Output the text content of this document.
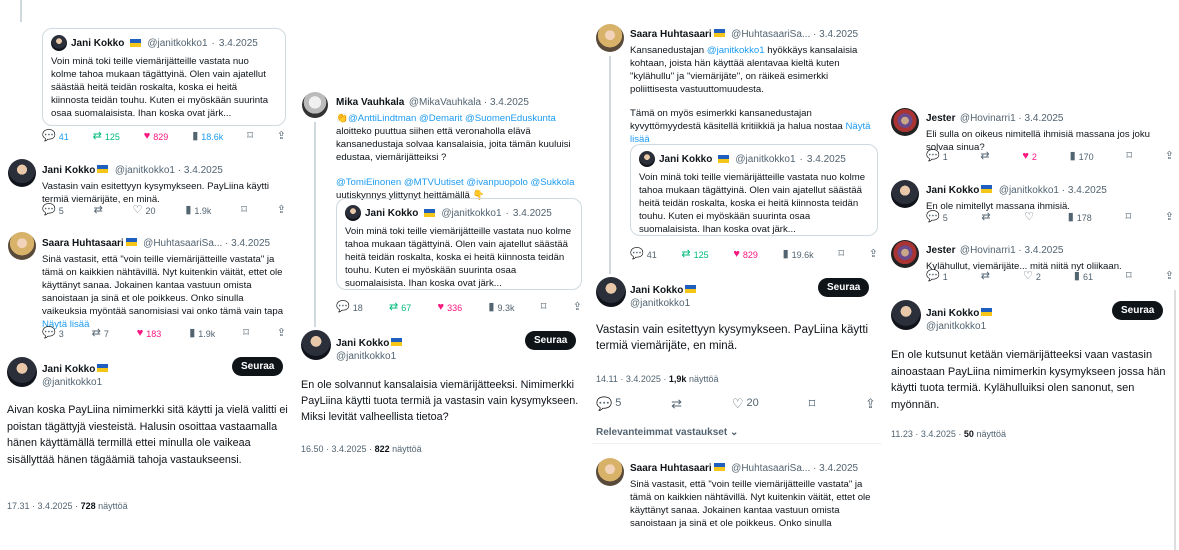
Jani Kokko @janitkokko1 · 3.4.2025
Voin minä toki teille viemärijätteille vastata nuo kolme tahoa mukaan tägättyinä. Olen vain ajatellut säästää heitä teidän roskalta, koska ei heitä kiinnosta teidän touhu. Kuten ei myöskään suurinta osaa suomalaisista. Ihan koska ovat järk...
💬 41 ⇄ 125 ♥ 829 ▮ 18.6k ⌑ ⇪
Jani Kokko @janitkokko1 · 3.4.2025
Vastasin vain esitettyyn kysymykseen. PayLiina käytti termiä viemärijäte, en minä.
💬 5	⇄	♡ 20	▮ 1.9k	⌑	⇪
Saara Huhtasaari @HuhtasaariSa... · 3.4.2025
Sinä vastasit, että "voin teille viemärijätteille vastata" ja tämä on kaikkien nähtävillä. Nyt kuitenkin väität, ettet ole käyttänyt sanaa. Jokainen kantaa vastuun omista sanoistaan ja sinä et ole poikkeus. Onko sinulla vaikeuksia myöntää sanomisiasi vai onko tämä vain tapa Näytä lisää
💬 3	⇄ 7	♥ 183	▮ 1.9k	⌑	⇪
Jani Kokko
@janitkokko1
Seuraa
Aivan koska PayLiina nimimerkki sitä käytti ja vielä valitti ei poistan tägättyjä viesteistä. Halusin osoittaa vastaamalla hänen käyttämällä termillä ettei minulla ole vaikeaa sisällyttää hänen tägäämiä tahoja vastaukseensi.
17.31 · 3.4.2025 · 728 näyttöä
Mika Vauhkala @MikaVauhkala · 3.4.2025
👏@AnttiLindtman @Demarit @SuomenEduskunta aloitteko puuttua siihen että veronaholla elävä kansanedustaja solvaa kansalaisia, joita tämän kuuluisi edustaa, viemärijätteiksi ?
@TomiEinonen @MTVUutiset @ivanpuopolo @Sukkola uutiskynnys ylittynyt heittämällä 👇
Jani Kokko @janitkokko1 · 3.4.2025
Voin minä toki teille viemärijätteille vastata nuo kolme tahoa mukaan tägättyinä. Olen vain ajatellut säästää heitä teidän roskalta, koska ei heitä kiinnosta teidän touhu. Kuten ei myöskään suurinta osaa suomalaisista. Ihan koska ovat järk...
💬 18 ⇄ 67 ♥ 336 ▮ 9.3k ⌑ ⇪
Jani Kokko
@janitkokko1
Seuraa
En ole solvannut kansalaisia viemärijätteeksi. Nimimerkki PayLiina käytti tuota termiä ja vastasin vain kysymykseen. Miksi levität valheellista tietoa?
16.50 · 3.4.2025 · 822 näyttöä
Saara Huhtasaari @HuhtasaariSa... · 3.4.2025
Kansanedustajan @janitkokko1 hyökkäys kansalaisia kohtaan, joista hän käyttää alentavaa kieltä kuten "kylähullu" ja "viemärijäte", on räikeä esimerkki poliittisesta vastuuttomuudesta.
Tämä on myös esimerkki kansanedustajan kyvyttömyydestä käsitellä kritiikkiä ja halua nostaa Näytä lisää
Jani Kokko @janitkokko1 · 3.4.2025
Voin minä toki teille viemärijätteille vastata nuo kolme tahoa mukaan tägättyinä. Olen vain ajatellut säästää heitä teidän roskalta, koska ei heitä kiinnosta teidän touhu. Kuten ei myöskään suurinta osaa suomalaisista. Ihan koska ovat järk...
💬 41 ⇄ 125 ♥ 829 ▮ 19.6k ⌑ ⇪
Jani Kokko
@janitkokko1
Seuraa
Vastasin vain esitettyyn kysymykseen. PayLiina käytti termiä viemärijäte, en minä.
14.11 · 3.4.2025 · 1,9k näyttöä
💬 5	⇄	♡ 20	⌑	⇪
Relevanteimmat vastaukset ⌄
Saara Huhtasaari @HuhtasaariSa... · 3.4.2025
Sinä vastasit, että "voin teille viemärijätteille vastata" ja tämä on kaikkien nähtävillä. Nyt kuitenkin väität, ettet ole käyttänyt sanaa. Jokainen kantaa vastuun omista sanoistaan ja sinä et ole poikkeus. Onko sinulla
Jester @Hovinarri1 · 3.4.2025
Eli sulla on oikeus nimitellä ihmisiä massana jos joku solvaa sinua?
💬 1	⇄	♥ 2	▮ 170	⌑	⇪
Jani Kokko @janitkokko1 · 3.4.2025
En ole nimitellyt massana ihmisiä.
💬 5	⇄	♡	▮ 178	⌑	⇪
Jester @Hovinarri1 · 3.4.2025
Kylähullut, viemärijäte... mitä niitä nyt oliikaan.
💬 1	⇄	♡ 2	▮ 61	⌑	⇪
Jani Kokko
@janitkokko1
Seuraa
En ole kutsunut ketään viemärijätteeksi vaan vastasin ainoastaan PayLiina nimimerkin kysymykseen jossa hän käytti tuota termiä. Kylähulluiksi olen sanonut, sen myönnän.
11.23 · 3.4.2025 · 50 näyttöä
